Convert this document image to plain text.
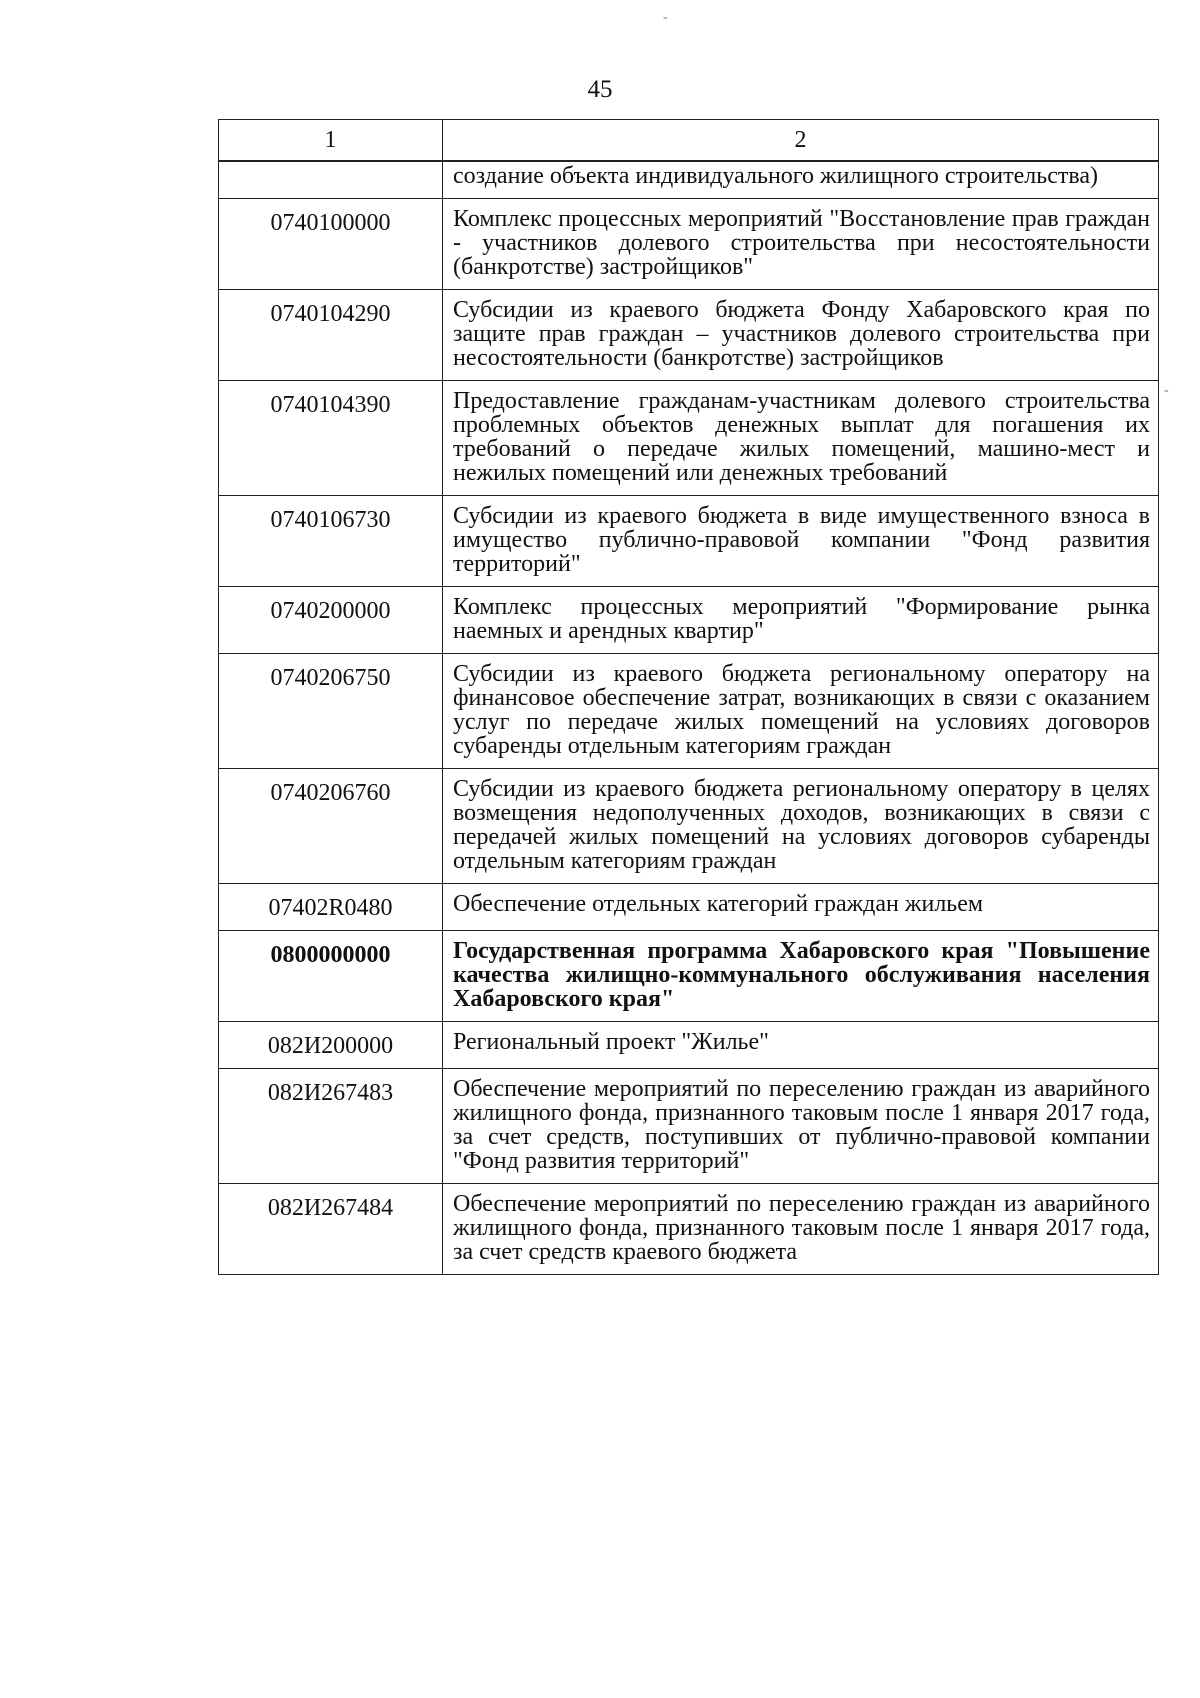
-
-
45
1	2
	создание объекта индивидуального жилищного строительства)
0740100000	Комплекс процессных мероприятий "Восстановление прав граждан - участников долевого строительства при несостоятельности (банкротстве) застройщиков"
0740104290	Субсидии из краевого бюджета Фонду Хабаровского края по защите прав граждан – участников долевого строительства при несостоятельности (банкротстве) застройщиков
0740104390	Предоставление гражданам-участникам долевого строительства проблемных объектов денежных выплат для погашения их требований о передаче жилых помещений, машино-мест и нежилых помещений или денежных требований
0740106730	Субсидии из краевого бюджета в виде имущественного взноса в имущество публично-правовой компании "Фонд развития территорий"
0740200000	Комплекс процессных мероприятий "Формирование рынка наемных и арендных квартир"
0740206750	Субсидии из краевого бюджета региональному оператору на финансовое обеспечение затрат, возникающих в связи с оказанием услуг по передаче жилых помещений на условиях договоров субаренды отдельным категориям граждан
0740206760	Субсидии из краевого бюджета региональному оператору в целях возмещения недополученных доходов, возникающих в связи с передачей жилых помещений на условиях договоров субаренды отдельным категориям граждан
07402R0480	Обеспечение отдельных категорий граждан жильем
0800000000	Государственная программа Хабаровского края "Повышение качества жилищно-коммунального обслуживания населения Хабаровского края"
082И200000	Региональный проект "Жилье"
082И267483	Обеспечение мероприятий по переселению граждан из аварийного жилищного фонда, признанного таковым после 1 января 2017 года, за счет средств, поступивших от публично-правовой компании "Фонд развития территорий"
082И267484	Обеспечение мероприятий по переселению граждан из аварийного жилищного фонда, признанного таковым после 1 января 2017 года, за счет средств краевого бюджета
